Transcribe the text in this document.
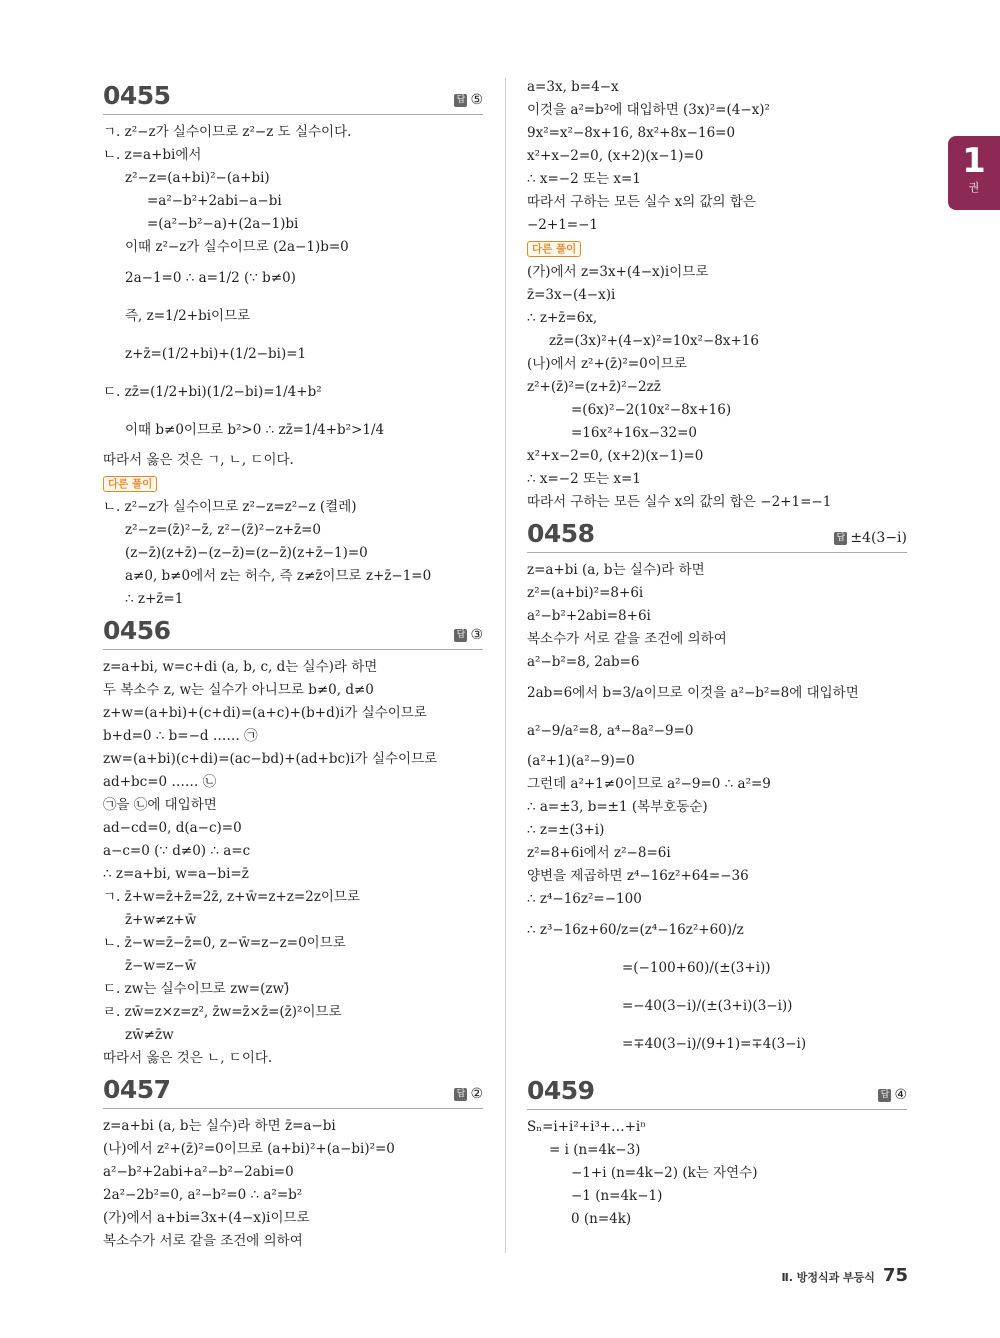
1
권
0455	답 ⑤
ㄱ. z²−z가 실수이므로 z²−z 도 실수이다.
ㄴ. z=a+bi에서
z²−z=(a+bi)²−(a+bi)
=a²−b²+2abi−a−bi
=(a²−b²−a)+(2a−1)bi
이때 z²−z가 실수이므로 (2a−1)b=0
2a−1=0 ∴ a=1/2 (∵ b≠0)
즉, z=1/2+bi이므로
z+z̄=(1/2+bi)+(1/2−bi)=1
ㄷ. zz̄=(1/2+bi)(1/2−bi)=1/4+b²
이때 b≠0이므로 b²>0 ∴ zz̄=1/4+b²>1/4
따라서 옳은 것은 ㄱ, ㄴ, ㄷ이다.
다른 풀이
ㄴ. z²−z가 실수이므로 z²−z=z²−z (켤레)
z²−z=(z̄)²−z̄, z²−(z̄)²−z+z̄=0
(z−z̄)(z+z̄)−(z−z̄)=(z−z̄)(z+z̄−1)=0
a≠0, b≠0에서 z는 허수, 즉 z≠z̄이므로 z+z̄−1=0
∴ z+z̄=1
0456	답 ③
z=a+bi, w=c+di (a, b, c, d는 실수)라 하면
두 복소수 z, w는 실수가 아니므로 b≠0, d≠0
z+w=(a+bi)+(c+di)=(a+c)+(b+d)i가 실수이므로
b+d=0 ∴ b=−d …… ㉠
zw=(a+bi)(c+di)=(ac−bd)+(ad+bc)i가 실수이므로
ad+bc=0 …… ㉡
㉠을 ㉡에 대입하면
ad−cd=0, d(a−c)=0
a−c=0 (∵ d≠0) ∴ a=c
∴ z=a+bi, w=a−bi=z̄
ㄱ. z̄+w=z̄+z̄=2z̄, z+w̄=z+z=2z이므로
z̄+w≠z+w̄
ㄴ. z̄−w=z̄−z̄=0, z−w̄=z−z=0이므로
z̄−w=z−w̄
ㄷ. zw는 실수이므로 zw=(zw)̄
ㄹ. zw̄=z×z=z², z̄w=z̄×z̄=(z̄)²이므로
zw̄≠z̄w
따라서 옳은 것은 ㄴ, ㄷ이다.
0457	답 ②
z=a+bi (a, b는 실수)라 하면 z̄=a−bi
(나)에서 z²+(z̄)²=0이므로 (a+bi)²+(a−bi)²=0
a²−b²+2abi+a²−b²−2abi=0
2a²−2b²=0, a²−b²=0 ∴ a²=b²
(가)에서 a+bi=3x+(4−x)i이므로
복소수가 서로 같을 조건에 의하여
a=3x, b=4−x
이것을 a²=b²에 대입하면 (3x)²=(4−x)²
9x²=x²−8x+16, 8x²+8x−16=0
x²+x−2=0, (x+2)(x−1)=0
∴ x=−2 또는 x=1
따라서 구하는 모든 실수 x의 값의 합은
−2+1=−1
다른 풀이
(가)에서 z=3x+(4−x)i이므로
z̄=3x−(4−x)i
∴ z+z̄=6x,
zz̄=(3x)²+(4−x)²=10x²−8x+16
(나)에서 z²+(z̄)²=0이므로
z²+(z̄)²=(z+z̄)²−2zz̄
=(6x)²−2(10x²−8x+16)
=16x²+16x−32=0
x²+x−2=0, (x+2)(x−1)=0
∴ x=−2 또는 x=1
따라서 구하는 모든 실수 x의 값의 합은 −2+1=−1
0458	답 ±4(3−i)
z=a+bi (a, b는 실수)라 하면
z²=(a+bi)²=8+6i
a²−b²+2abi=8+6i
복소수가 서로 같을 조건에 의하여
a²−b²=8, 2ab=6
2ab=6에서 b=3/a이므로 이것을 a²−b²=8에 대입하면
a²−9/a²=8, a⁴−8a²−9=0
(a²+1)(a²−9)=0
그런데 a²+1≠0이므로 a²−9=0 ∴ a²=9
∴ a=±3, b=±1 (복부호동순)
∴ z=±(3+i)
z²=8+6i에서 z²−8=6i
양변을 제곱하면 z⁴−16z²+64=−36
∴ z⁴−16z²=−100
∴ z³−16z+60/z=(z⁴−16z²+60)/z
=(−100+60)/(±(3+i))
=−40(3−i)/(±(3+i)(3−i))
=∓40(3−i)/(9+1)=∓4(3−i)
0459	답 ④
Sₙ=i+i²+i³+…+iⁿ
= i (n=4k−3)
−1+i (n=4k−2) (k는 자연수)
−1 (n=4k−1)
0 (n=4k)
Ⅱ. 방정식과 부등식 75
